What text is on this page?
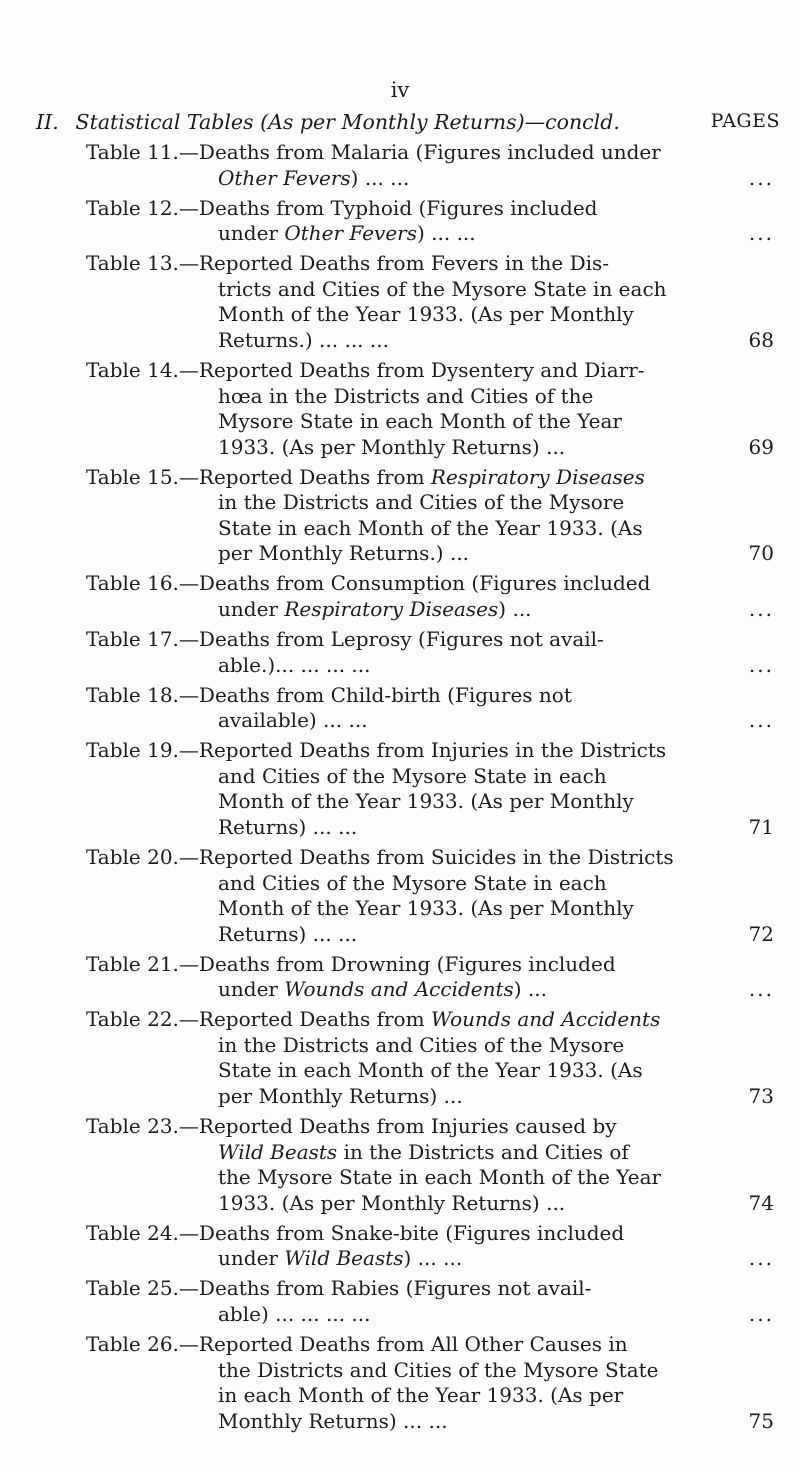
iv
II. Statistical Tables (As per Monthly Returns)—concld.	PAGES
Table 11.—Deaths from Malaria (Figures included under
Other Fevers) ... ...	...
Table 12.—Deaths from Typhoid (Figures included
under Other Fevers) ... ...	...
Table 13.—Reported Deaths from Fevers in the Dis-
tricts and Cities of the Mysore State in each
Month of the Year 1933. (As per Monthly
Returns.) ... ... ...	68
Table 14.—Reported Deaths from Dysentery and Diarr-
hœa in the Districts and Cities of the
Mysore State in each Month of the Year
1933. (As per Monthly Returns) ...	69
Table 15.—Reported Deaths from Respiratory Diseases
in the Districts and Cities of the Mysore
State in each Month of the Year 1933. (As
per Monthly Returns.) ...	70
Table 16.—Deaths from Consumption (Figures included
under Respiratory Diseases) ...	...
Table 17.—Deaths from Leprosy (Figures not avail-
able.)... ... ... ...	...
Table 18.—Deaths from Child-birth (Figures not
available) ... ...	...
Table 19.—Reported Deaths from Injuries in the Districts
and Cities of the Mysore State in each
Month of the Year 1933. (As per Monthly
Returns) ... ...	71
Table 20.—Reported Deaths from Suicides in the Districts
and Cities of the Mysore State in each
Month of the Year 1933. (As per Monthly
Returns) ... ...	72
Table 21.—Deaths from Drowning (Figures included
under Wounds and Accidents) ...	...
Table 22.—Reported Deaths from Wounds and Accidents
in the Districts and Cities of the Mysore
State in each Month of the Year 1933. (As
per Monthly Returns) ...	73
Table 23.—Reported Deaths from Injuries caused by
Wild Beasts in the Districts and Cities of
the Mysore State in each Month of the Year
1933. (As per Monthly Returns) ...	74
Table 24.—Deaths from Snake-bite (Figures included
under Wild Beasts) ... ...	...
Table 25.—Deaths from Rabies (Figures not avail-
able) ... ... ... ...	...
Table 26.—Reported Deaths from All Other Causes in
the Districts and Cities of the Mysore State
in each Month of the Year 1933. (As per
Monthly Returns) ... ...	75
